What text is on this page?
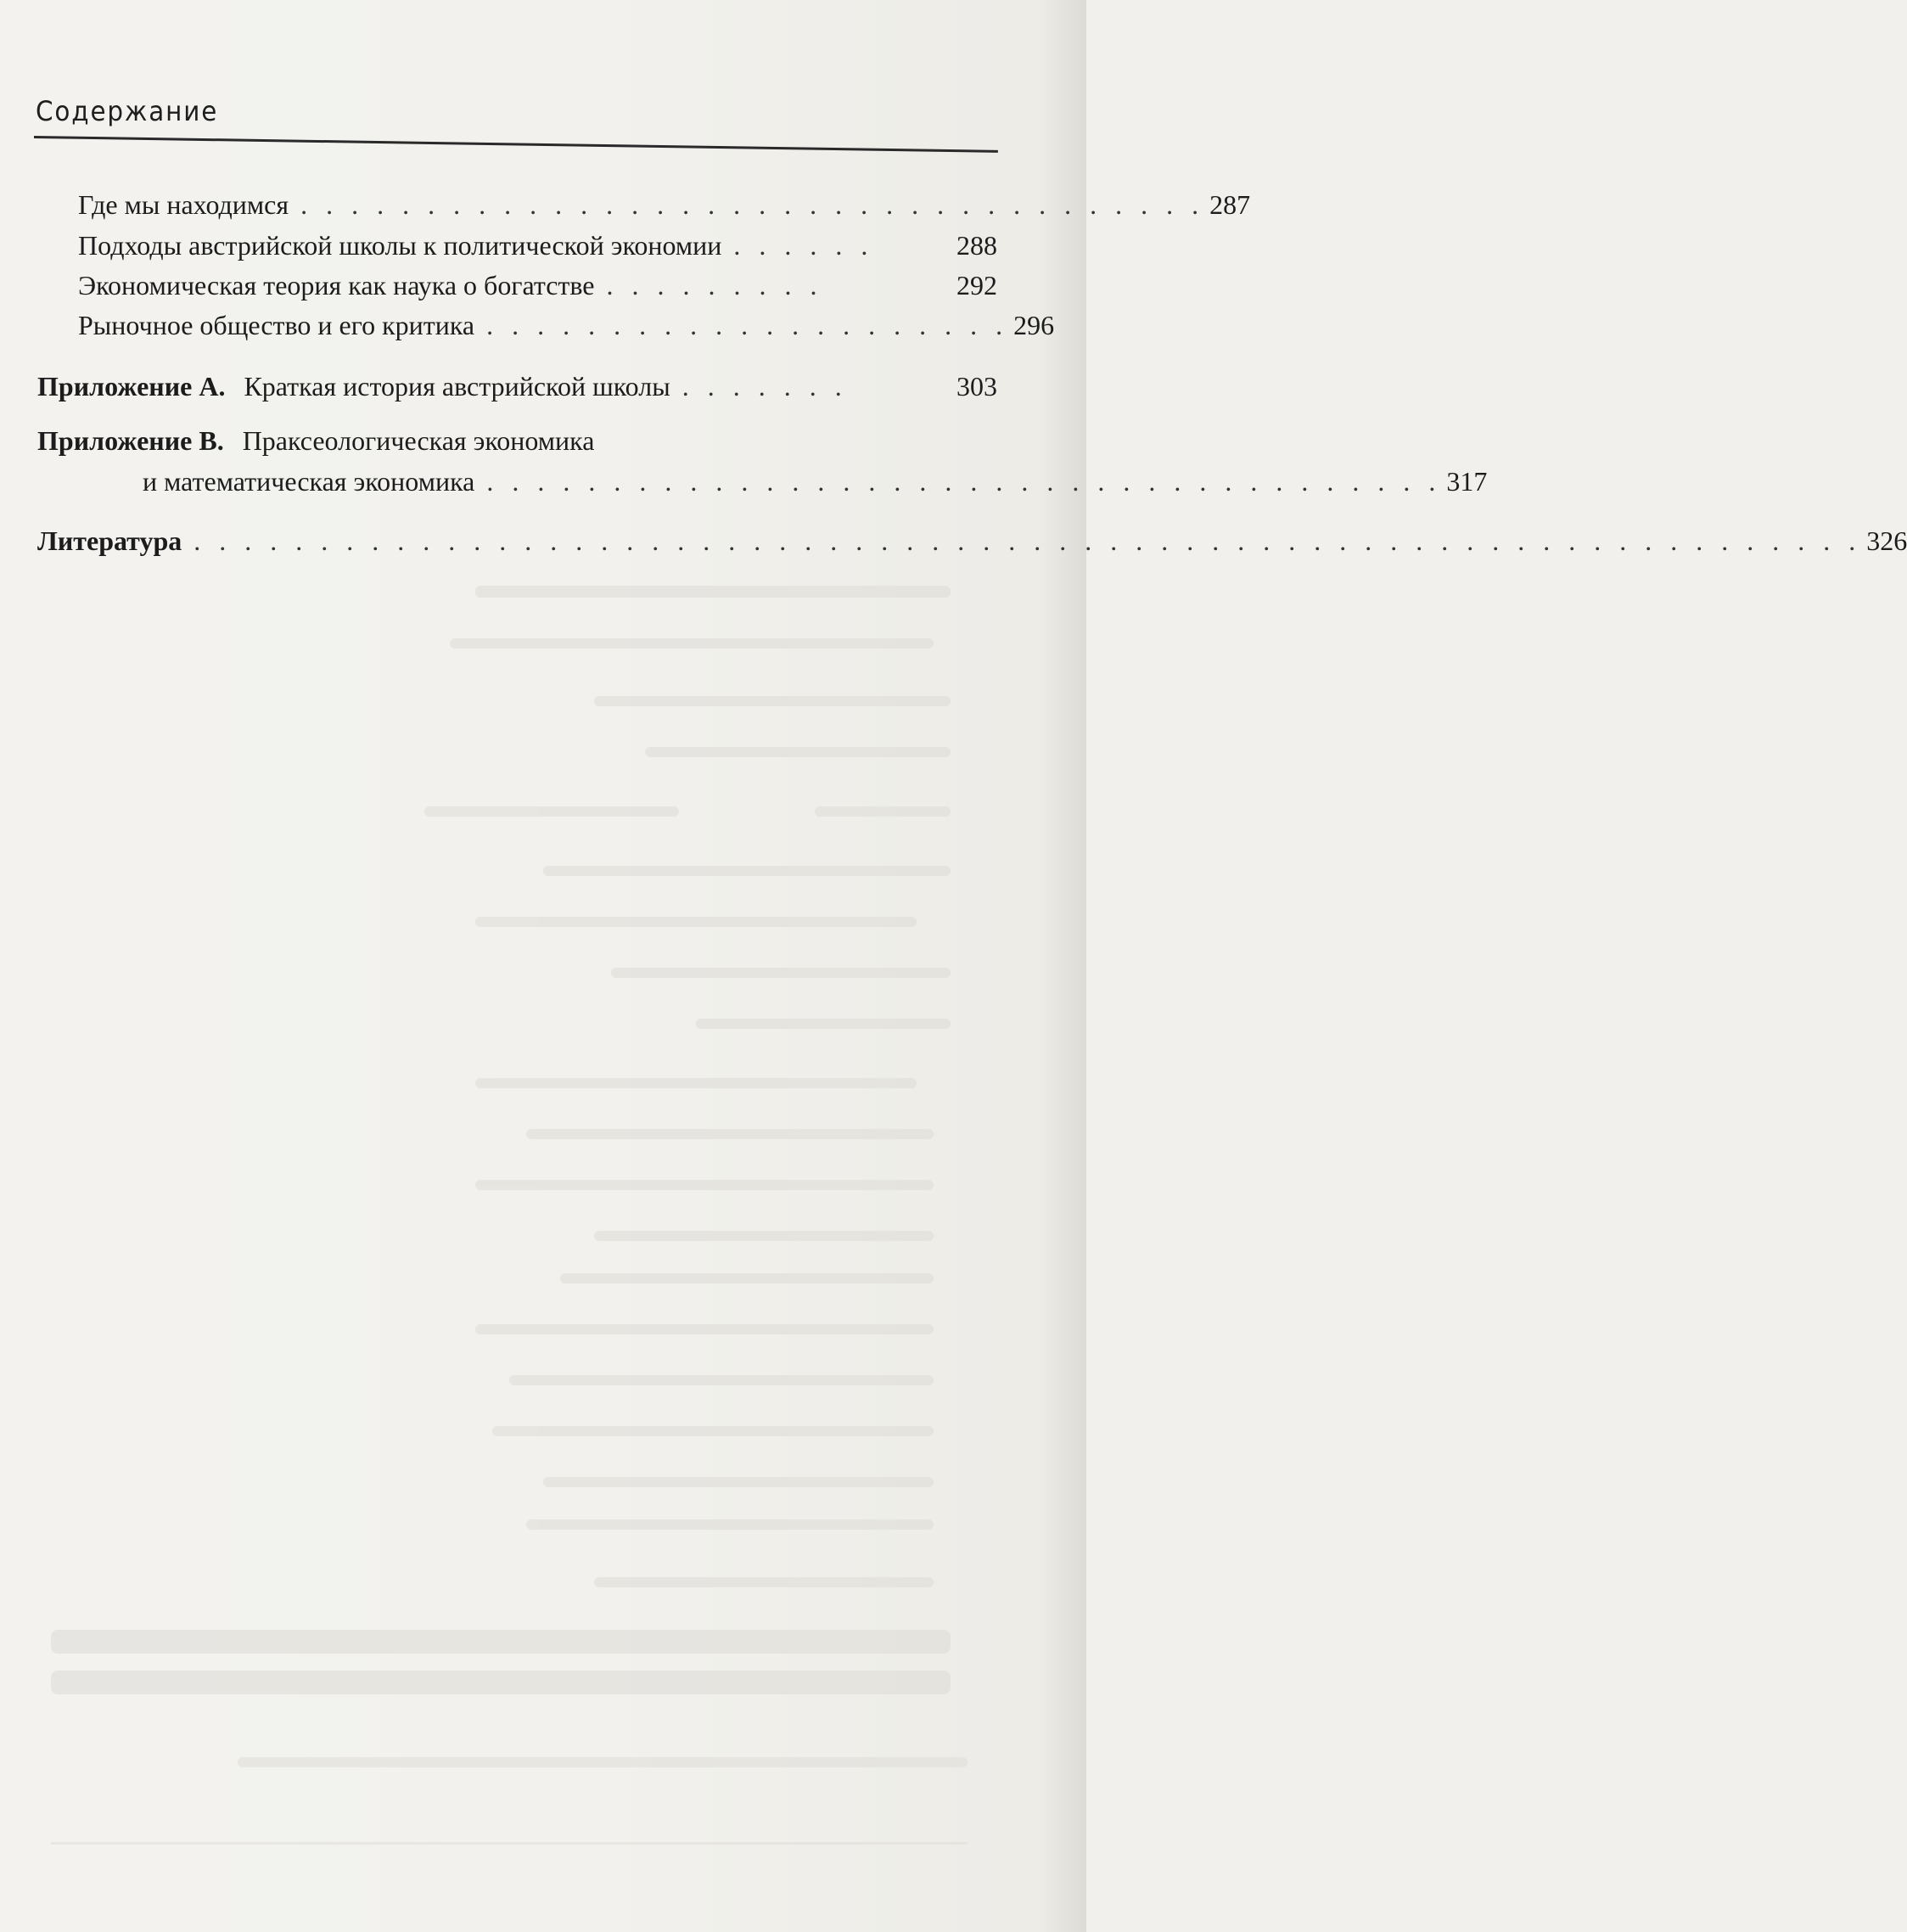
Содержание
Где мы находимся . . . . . . . . . . . . . . . . . . . . . . . . . . . . . . . . . . . . 287
Подходы австрийской школы к политической экономии . . . . . .	288
Экономическая теория как наука о богатстве . . . . . . . . .	292
Рыночное общество и его критика . . . . . . . . . . . . . . . . . . . . . 296
Приложение A. Краткая история австрийской школы . . . . . . .	303
Приложение B. Праксеологическая экономика
и математическая экономика . . . . . . . . . . . . . . . . . . . . . . . . . . . . . . . . . . . . . . 317
Литература . . . . . . . . . . . . . . . . . . . . . . . . . . . . . . . . . . . . . . . . . . . . . . . . . . . . . . . . . . . . . . . . . . 326
